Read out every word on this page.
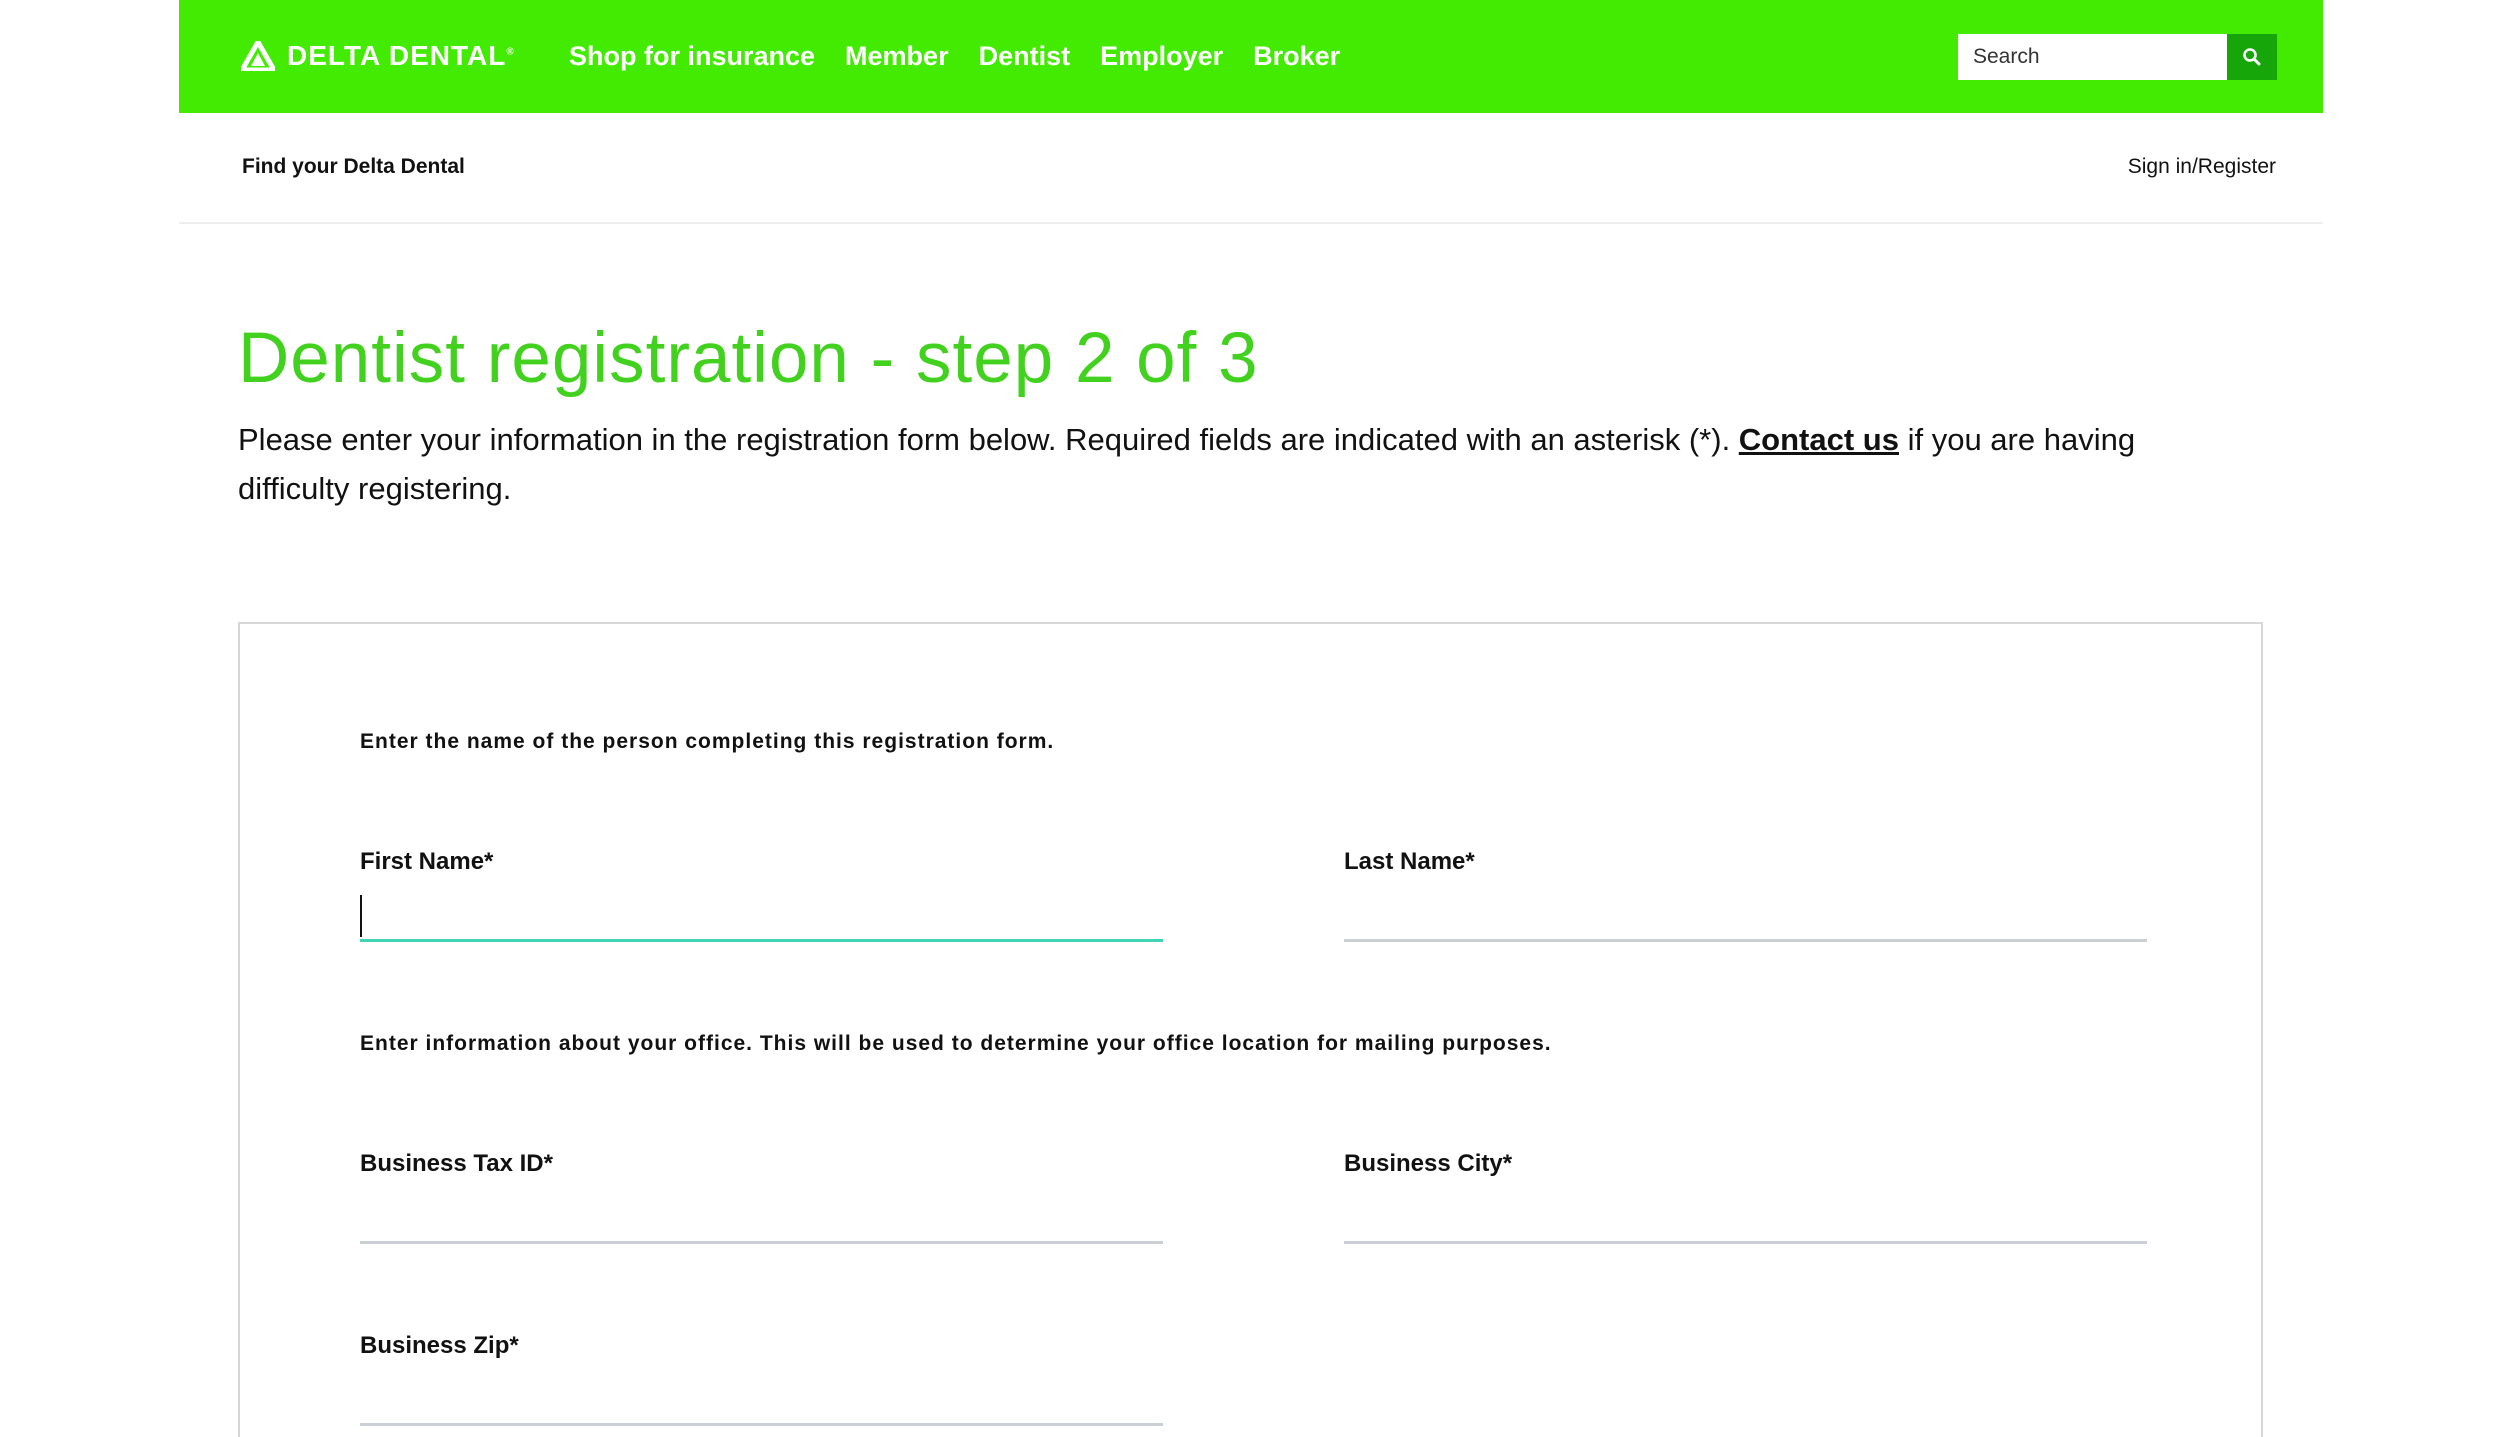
DELTA DENTAL® Shop for insurance Member Dentist Employer Broker
Search
Find your Delta Dental	Sign in/Register
Dentist registration - step 2 of 3

Please enter your information in the registration form below. Required fields are indicated with an asterisk (*). Contact us if you are having difficulty registering.

Enter the name of the person completing this registration form.
First Name*	Last Name*
Enter information about your office. This will be used to determine your office location for mailing purposes.
Business Tax ID*	Business City*
Business Zip*
